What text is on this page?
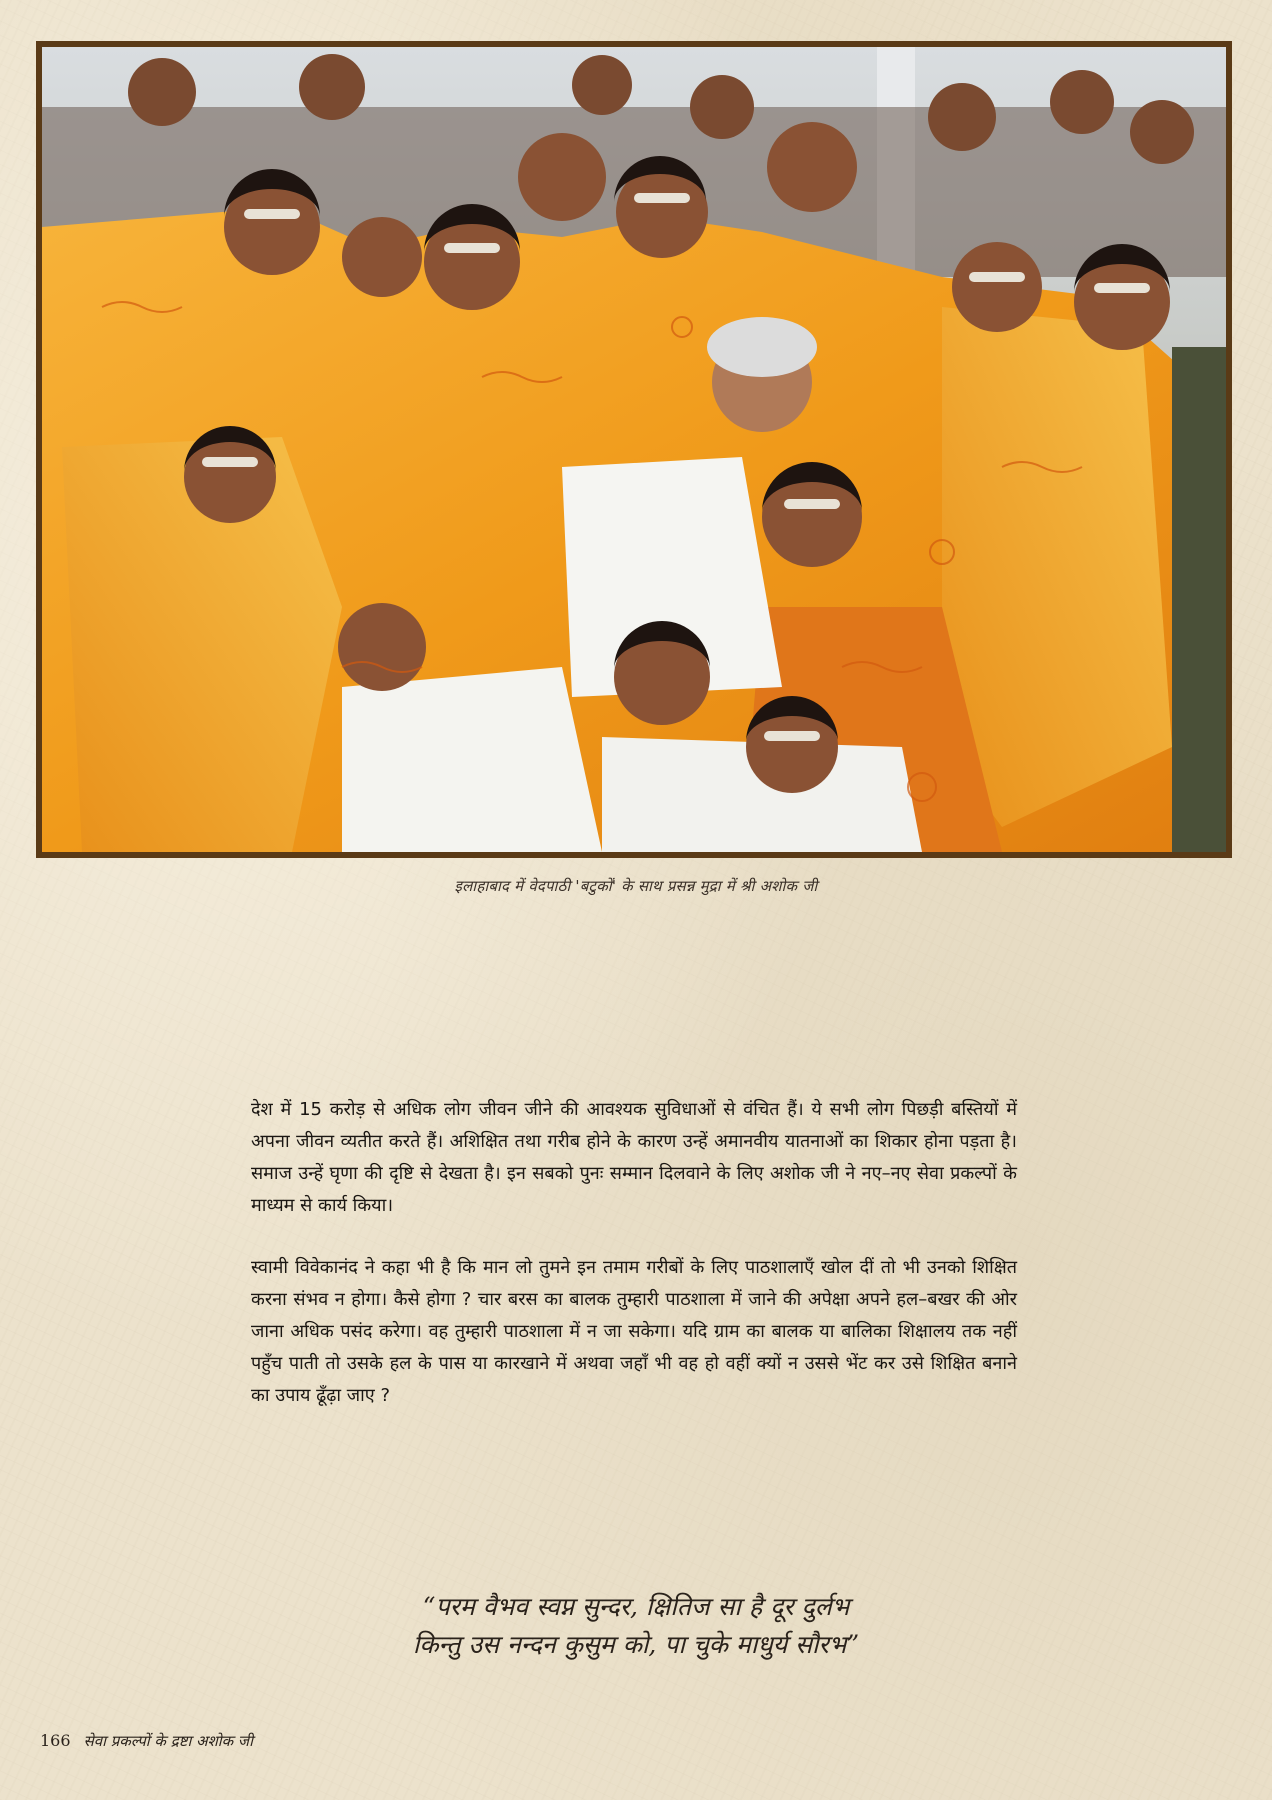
इलाहाबाद में वेदपाठी 'बटुकों' के साथ प्रसन्न मुद्रा में श्री अशोक जी

देश में 15 करोड़ से अधिक लोग जीवन जीने की आवश्यक सुविधाओं से वंचित हैं। ये सभी लोग पिछड़ी बस्तियों में अपना जीवन व्यतीत करते हैं। अशिक्षित तथा गरीब होने के कारण उन्हें अमानवीय यातनाओं का शिकार होना पड़ता है। समाज उन्हें घृणा की दृष्टि से देखता है। इन सबको पुनः सम्मान दिलवाने के लिए अशोक जी ने नए–नए सेवा प्रकल्पों के माध्यम से कार्य किया।

स्वामी विवेकानंद ने कहा भी है कि मान लो तुमने इन तमाम गरीबों के लिए पाठशालाएँ खोल दीं तो भी उनको शिक्षित करना संभव न होगा। कैसे होगा ? चार बरस का बालक तुम्हारी पाठशाला में जाने की अपेक्षा अपने हल–बखर की ओर जाना अधिक पसंद करेगा। वह तुम्हारी पाठशाला में न जा सकेगा। यदि ग्राम का बालक या बालिका शिक्षालय तक नहीं पहुँच पाती तो उसके हल के पास या कारखाने में अथवा जहाँ भी वह हो वहीं क्यों न उससे भेंट कर उसे शिक्षित बनाने का उपाय ढूँढ़ा जाए ?

“परम वैभव स्वप्न सुन्दर, क्षितिज सा है दूर दुर्लभ
किन्तु उस नन्दन कुसुम को, पा चुके माधुर्य सौरभ”
166 सेवा प्रकल्पों के द्रष्टा अशोक जी
